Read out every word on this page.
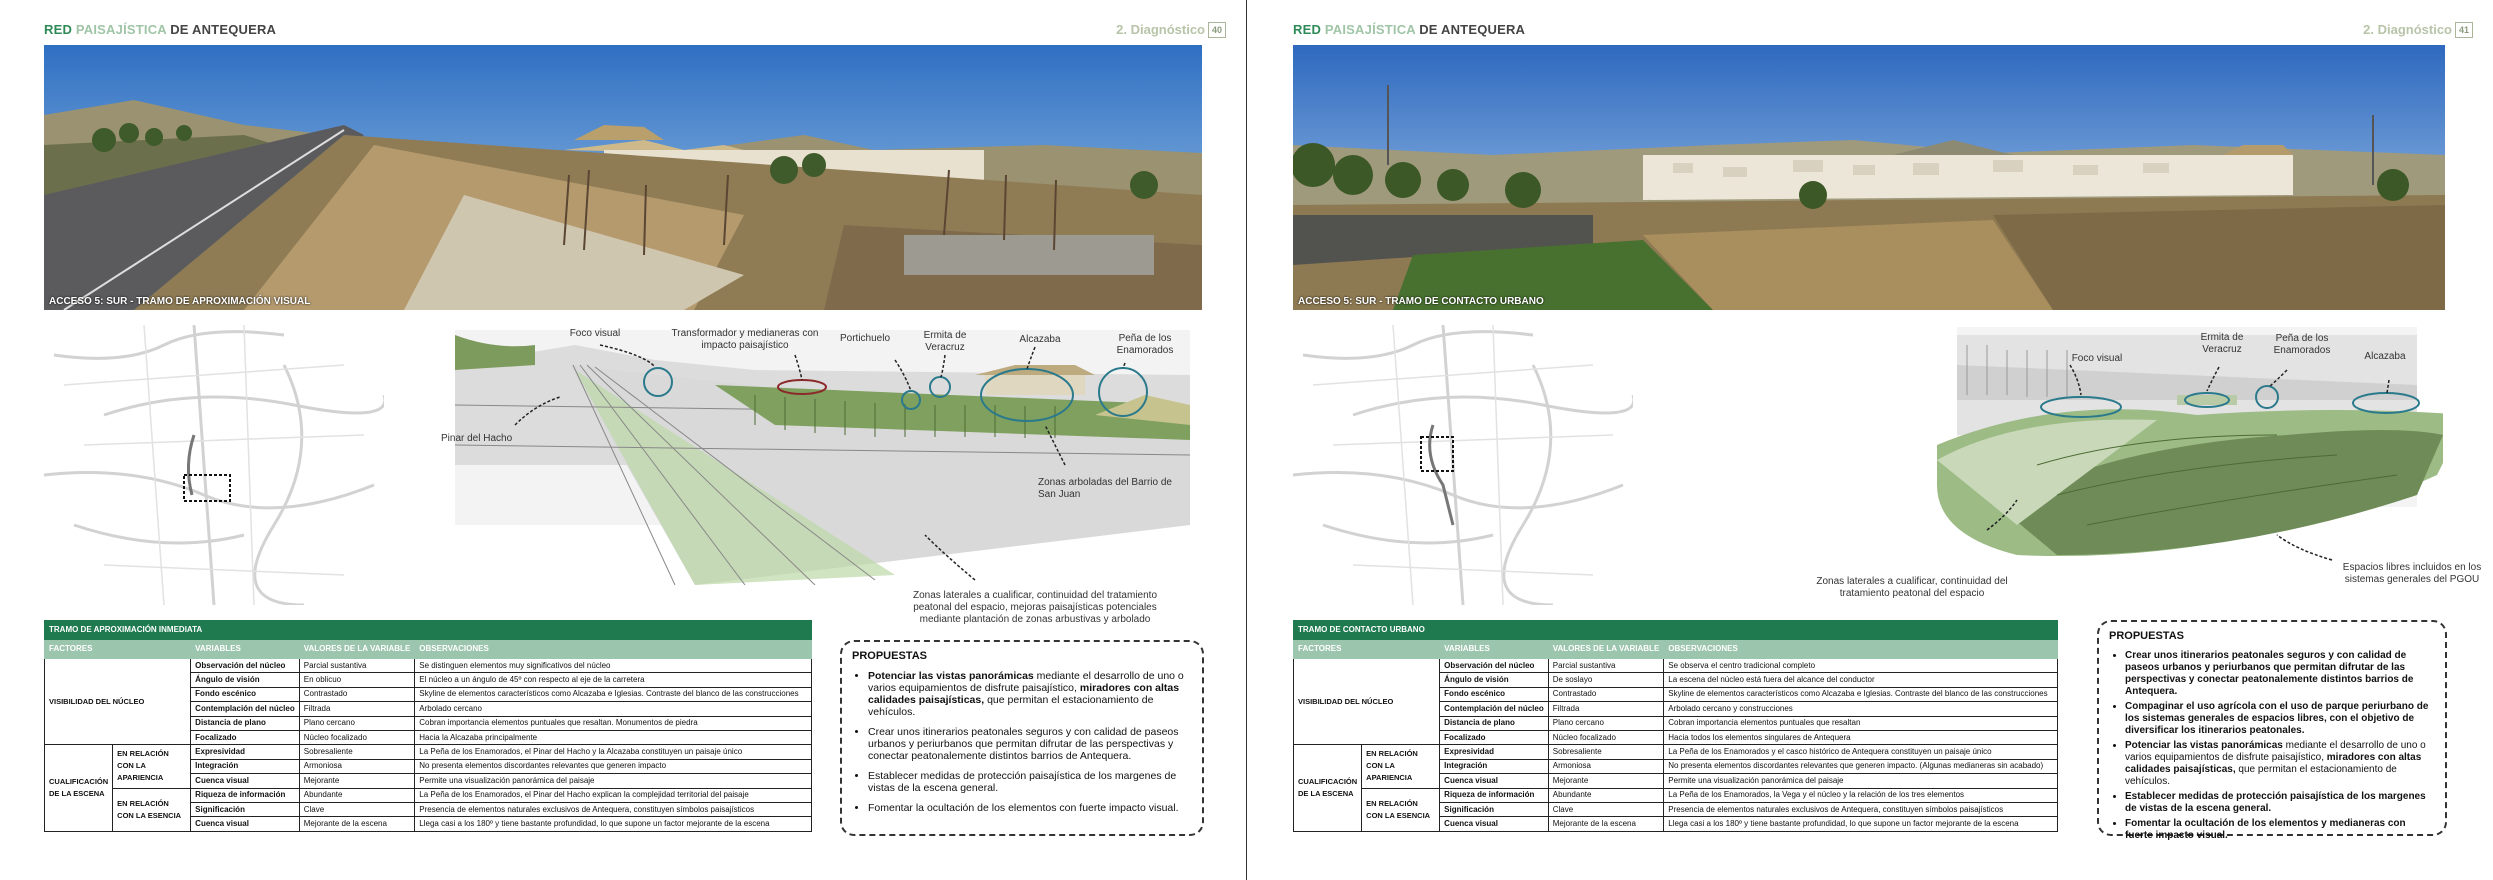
RED PAISAJÍSTICA DE ANTEQUERA	2. Diagnóstico 40
ACCESO 5: SUR - TRAMO DE APROXIMACIÓN VISUAL
Foco visual	Transformador y medianeras con impacto paisajístico
Portichuelo	Ermita de Veracruz
Alcazaba	Peña de los Enamorados
Pinar del Hacho
Zonas arboladas del Barrio de San Juan
Zonas laterales a cualificar, continuidad del tratamiento peatonal del espacio, mejoras paisajísticas potenciales mediante plantación de zonas arbustivas y arbolado
TRAMO DE APROXIMACIÓN INMEDIATA				
FACTORES		VARIABLES	VALORES DE LA VARIABLE	OBSERVACIONES
VISIBILIDAD DEL NÚCLEO		Observación del núcleo	Parcial sustantiva	Se distinguen elementos muy significativos del núcleo
		Ángulo de visión	En oblicuo	El núcleo a un ángulo de 45º con respecto al eje de la carretera
		Fondo escénico	Contrastado	Skyline de elementos característicos como Alcazaba e Iglesias. Contraste del blanco de las construcciones
		Contemplación del núcleo	Filtrada	Arbolado cercano
		Distancia de plano	Plano cercano	Cobran importancia elementos puntuales que resaltan. Monumentos de piedra
		Focalizado	Núcleo focalizado	Hacia la Alcazaba principalmente
CUALIFICACIÓN DE LA ESCENA	EN RELACIÓN CON LA APARIENCIA	Expresividad	Sobresaliente	La Peña de los Enamorados, el Pinar del Hacho y la Alcazaba constituyen un paisaje único
		Integración	Armoniosa	No presenta elementos discordantes relevantes que generen impacto
		Cuenca visual	Mejorante	Permite una visualización panorámica del paisaje
	EN RELACIÓN CON LA ESENCIA	Riqueza de información	Abundante	La Peña de los Enamorados, el Pinar del Hacho explican la complejidad territorial del paisaje
		Significación	Clave	Presencia de elementos naturales exclusivos de Antequera, constituyen símbolos paisajísticos
		Cuenca visual	Mejorante de la escena	Llega casi a los 180º y tiene bastante profundidad, lo que supone un factor mejorante de la escena
PROPUESTAS
• Potenciar las vistas panorámicas mediante el desarrollo de uno o varios equipamientos de disfrute paisajístico, miradores con altas calidades paisajísticas, que permitan el estacionamiento de vehículos.
• Crear unos itinerarios peatonales seguros y con calidad de paseos urbanos y periurbanos que permitan difrutar de las perspectivas y conectar peatonalemente distintos barrios de Antequera.
• Establecer medidas de protección paisajística de los margenes de vistas de la escena general.
• Fomentar la ocultación de los elementos con fuerte impacto visual.
RED PAISAJÍSTICA DE ANTEQUERA	2. Diagnóstico 41
ACCESO 5: SUR - TRAMO DE CONTACTO URBANO
Foco visual
Ermita de Veracruz
Peña de los Enamorados
Alcazaba
Zonas laterales a cualificar, continuidad del tratamiento peatonal del espacio
Espacios libres incluidos en los sistemas generales del PGOU
TRAMO DE CONTACTO URBANO				
FACTORES		VARIABLES	VALORES DE LA VARIABLE	OBSERVACIONES
VISIBILIDAD DEL NÚCLEO		Observación del núcleo	Parcial sustantiva	Se observa el centro tradicional completo
		Ángulo de visión	De soslayo	La escena del núcleo está fuera del alcance del conductor
		Fondo escénico	Contrastado	Skyline de elementos característicos como Alcazaba e Iglesias. Contraste del blanco de las construcciones
		Contemplación del núcleo	Filtrada	Arbolado cercano y construcciones
		Distancia de plano	Plano cercano	Cobran importancia elementos puntuales que resaltan
		Focalizado	Núcleo focalizado	Hacia todos los elementos singulares de Antequera
CUALIFICACIÓN DE LA ESCENA	EN RELACIÓN CON LA APARIENCIA	Expresividad	Sobresaliente	La Peña de los Enamorados y el casco histórico de Antequera constituyen un paisaje único
		Integración	Armoniosa	No presenta elementos discordantes relevantes que generen impacto. (Algunas medianeras sin acabado)
		Cuenca visual	Mejorante	Permite una visualización panorámica del paisaje
	EN RELACIÓN CON LA ESENCIA	Riqueza de información	Abundante	La Peña de los Enamorados, la Vega y el núcleo y la relación de los tres elementos
		Significación	Clave	Presencia de elementos naturales exclusivos de Antequera, constituyen símbolos paisajísticos
		Cuenca visual	Mejorante de la escena	Llega casi a los 180º y tiene bastante profundidad, lo que supone un factor mejorante de la escena
PROPUESTAS
• Crear unos itinerarios peatonales seguros y con calidad de paseos urbanos y periurbanos que permitan difrutar de las perspectivas y conectar peatonalemente distintos barrios de Antequera.
• Compaginar el uso agrícola con el uso de parque periurbano de los sistemas generales de espacios libres, con el objetivo de diversificar los itinerarios peatonales.
• Potenciar las vistas panorámicas mediante el desarrollo de uno o varios equipamientos de disfrute paisajístico, miradores con altas calidades paisajísticas, que permitan el estacionamiento de vehículos.
• Establecer medidas de protección paisajística de los margenes de vistas de la escena general.
• Fomentar la ocultación de los elementos y medianeras con fuerte impacto visual.
